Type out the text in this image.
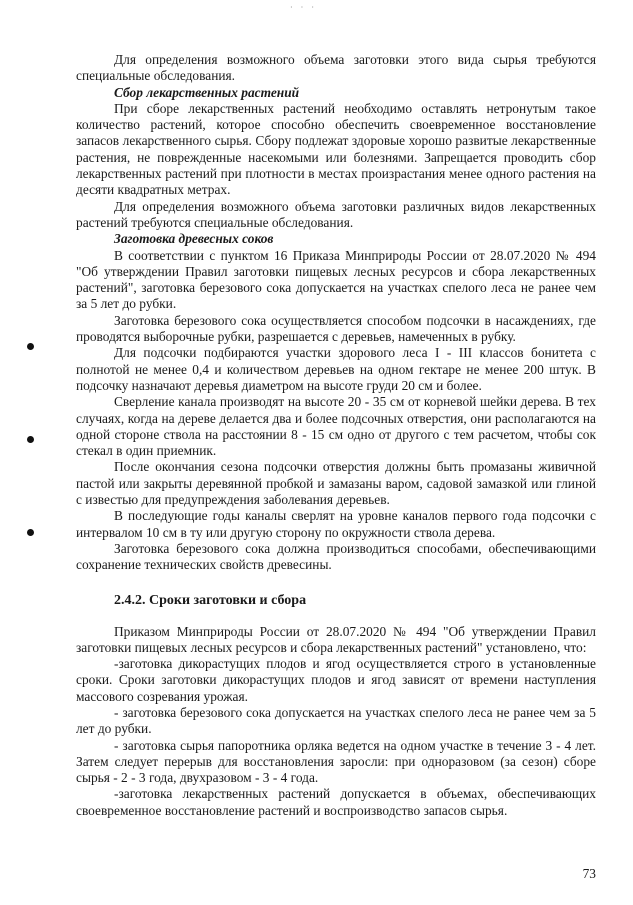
· · ·

Для определения возможного объема заготовки этого вида сырья требуются специальные обследования.

Сбор лекарственных растений

При сборе лекарственных растений необходимо оставлять нетронутым такое количество растений, которое способно обеспечить своевременное восстановление запасов лекарственного сырья. Сбору подлежат здоровые хорошо развитые лекарственные растения, не поврежденные насекомыми или болезнями. Запрещается проводить сбор лекарственных растений при плотности в местах произрастания менее одного растения на десяти квадратных метрах.

Для определения возможного объема заготовки различных видов лекарственных растений требуются специальные обследования.

Заготовка древесных соков

В соответствии с пунктом 16 Приказа Минприроды России от 28.07.2020 № 494 "Об утверждении Правил заготовки пищевых лесных ресурсов и сбора лекарственных растений", заготовка березового сока допускается на участках спелого леса не ранее чем за 5 лет до рубки.

Заготовка березового сока осуществляется способом подсочки в насаждениях, где проводятся выборочные рубки, разрешается с деревьев, намеченных в рубку.

Для подсочки подбираются участки здорового леса I - III классов бонитета с полнотой не менее 0,4 и количеством деревьев на одном гектаре не менее 200 штук. В подсочку назначают деревья диаметром на высоте груди 20 см и более.

Сверление канала производят на высоте 20 - 35 см от корневой шейки дерева. В тех случаях, когда на дереве делается два и более подсочных отверстия, они располагаются на одной стороне ствола на расстоянии 8 - 15 см одно от другого с тем расчетом, чтобы сок стекал в один приемник.

После окончания сезона подсочки отверстия должны быть промазаны живичной пастой или закрыты деревянной пробкой и замазаны варом, садовой замазкой или глиной с известью для предупреждения заболевания деревьев.

В последующие годы каналы сверлят на уровне каналов первого года подсочки с интервалом 10 см в ту или другую сторону по окружности ствола дерева.

Заготовка березового сока должна производиться способами, обеспечивающими сохранение технических свойств древесины.

2.4.2. Сроки заготовки и сбора

Приказом Минприроды России от 28.07.2020 № 494 "Об утверждении Правил заготовки пищевых лесных ресурсов и сбора лекарственных растений" установлено, что:

-заготовка дикорастущих плодов и ягод осуществляется строго в установленные сроки. Сроки заготовки дикорастущих плодов и ягод зависят от времени наступления массового созревания урожая.

- заготовка березового сока допускается на участках спелого леса не ранее чем за 5 лет до рубки.

- заготовка сырья папоротника орляка ведется на одном участке в течение 3 - 4 лет. Затем следует перерыв для восстановления заросли: при одноразовом (за сезон) сборе сырья - 2 - 3 года, двухразовом - 3 - 4 года.

-заготовка лекарственных растений допускается в объемах, обеспечивающих своевременное восстановление растений и воспроизводство запасов сырья.

73
